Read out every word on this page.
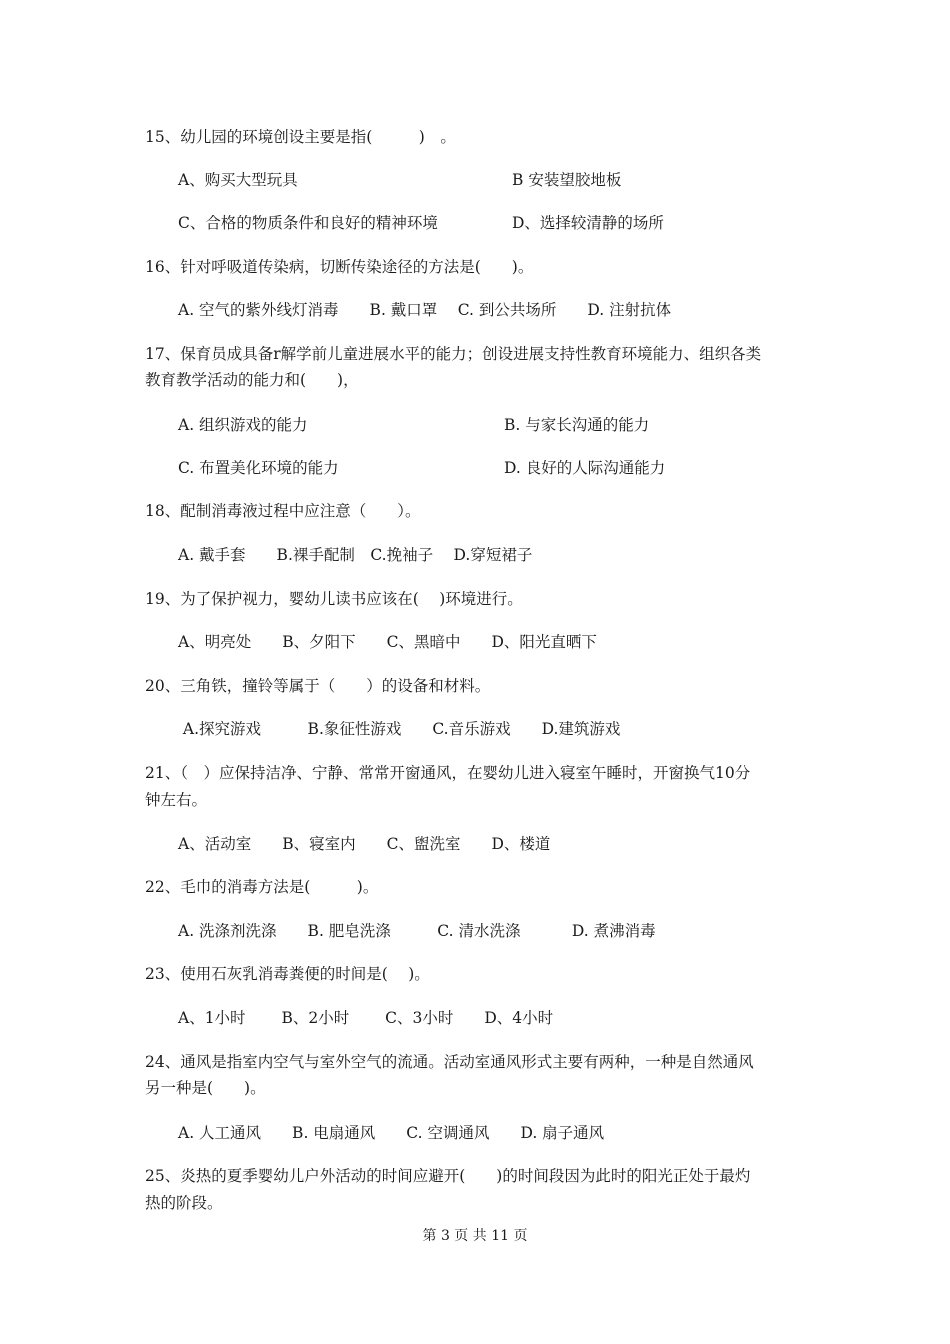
15、幼儿园的环境创设主要是指(　　　)　。
A、购买大型玩具	B 安装望胶地板
C、合格的物质条件和良好的精神环境	D、选择较清静的场所
16、针对呼吸道传染病，切断传染途径的方法是(　　)。
A. 空气的紫外线灯消毒　　B. 戴口罩　 C. 到公共场所　　D. 注射抗体
17、保育员成具备r解学前儿童进展水平的能力；创设进展支持性教育环境能力、组织各类
教育教学活动的能力和(　　)，
A. 组织游戏的能力	B. 与家长沟通的能力
C. 布置美化环境的能力	D. 良好的人际沟通能力
18、配制消毒液过程中应注意（　　）。
A. 戴手套　　B.裸手配制　C.挽袖子　 D.穿短裙子
19、为了保护视力，婴幼儿读书应该在(　 )环境进行。
A、明亮处　　B、夕阳下　　C、黑暗中　　D、阳光直晒下
20、三角铁，撞铃等属于（　　）的设备和材料。
A.探究游戏　　　B.象征性游戏　　C.音乐游戏　　D.建筑游戏
21、（　）应保持洁净、宁静、常常开窗通风，在婴幼儿进入寝室午睡时，开窗换气10分
钟左右。
A、活动室　　B、寝室内　　C、盥洗室　　D、楼道
22、毛巾的消毒方法是(　　　)。
A. 洗涤剂洗涤　　B. 肥皂洗涤　　　C. 清水洗涤　　　 D. 煮沸消毒
23、使用石灰乳消毒粪便的时间是(　 )。
A、1小时　　 B、2小时　　 C、3小时　　D、4小时
24、通风是指室内空气与室外空气的流通。活动室通风形式主要有两种，一种是自然通风
另一种是(　　)。
A. 人工通风　　B. 电扇通风　　C. 空调通风　　D. 扇子通风
25、炎热的夏季婴幼儿户外活动的时间应避开(　　)的时间段因为此时的阳光正处于最灼
热的阶段。
第 3 页 共 11 页
